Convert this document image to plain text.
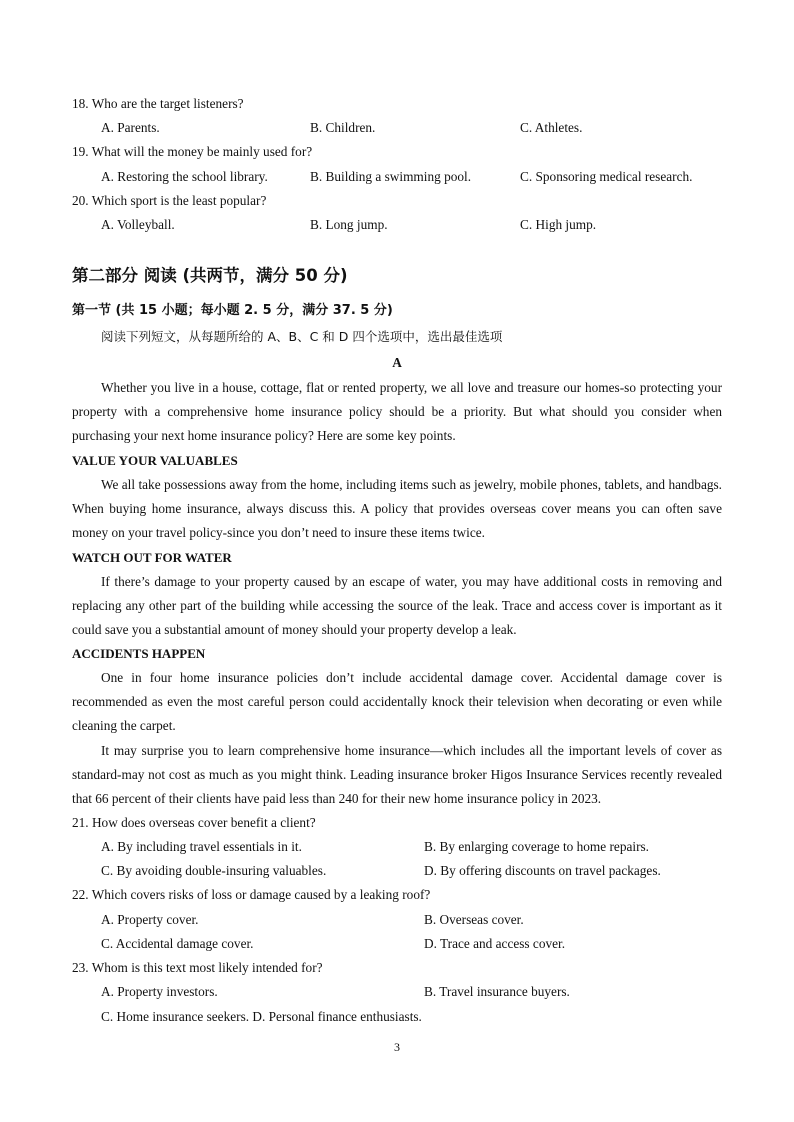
18. Who are the target listeners?
A. Parents.	B. Children.	C. Athletes.
19. What will the money be mainly used for?
A. Restoring the school library.	B. Building a swimming pool.	C. Sponsoring medical research.
20. Which sport is the least popular?
A. Volleyball.	B. Long jump.	C. High jump.
第二部分 阅读 (共两节，满分 50 分)
第一节 (共 15 小题；每小题 2. 5 分，满分 37. 5 分)
阅读下列短文，从每题所给的 A、B、C 和 D 四个选项中，选出最佳选项
A
Whether you live in a house, cottage, flat or rented property, we all love and treasure our homes-so protecting your property with a comprehensive home insurance policy should be a priority. But what should you consider when purchasing your next home insurance policy? Here are some key points.
VALUE YOUR VALUABLES
We all take possessions away from the home, including items such as jewelry, mobile phones, tablets, and handbags. When buying home insurance, always discuss this. A policy that provides overseas cover means you can often save money on your travel policy-since you don’t need to insure these items twice.
WATCH OUT FOR WATER
If there’s damage to your property caused by an escape of water, you may have additional costs in removing and replacing any other part of the building while accessing the source of the leak. Trace and access cover is important as it could save you a substantial amount of money should your property develop a leak.
ACCIDENTS HAPPEN
One in four home insurance policies don’t include accidental damage cover. Accidental damage cover is recommended as even the most careful person could accidentally knock their television when decorating or even while cleaning the carpet.
It may surprise you to learn comprehensive home insurance—which includes all the important levels of cover as standard-may not cost as much as you might think. Leading insurance broker Higos Insurance Services recently revealed that 66 percent of their clients have paid less than 240 for their new home insurance policy in 2023.
21. How does overseas cover benefit a client?
A. By including travel essentials in it.	B. By enlarging coverage to home repairs.
C. By avoiding double-insuring valuables.	D. By offering discounts on travel packages.
22. Which covers risks of loss or damage caused by a leaking roof?
A. Property cover.	B. Overseas cover.
C. Accidental damage cover.	D. Trace and access cover.
23. Whom is this text most likely intended for?
A. Property investors.	B. Travel insurance buyers.
C. Home insurance seekers. D. Personal finance enthusiasts.
3
